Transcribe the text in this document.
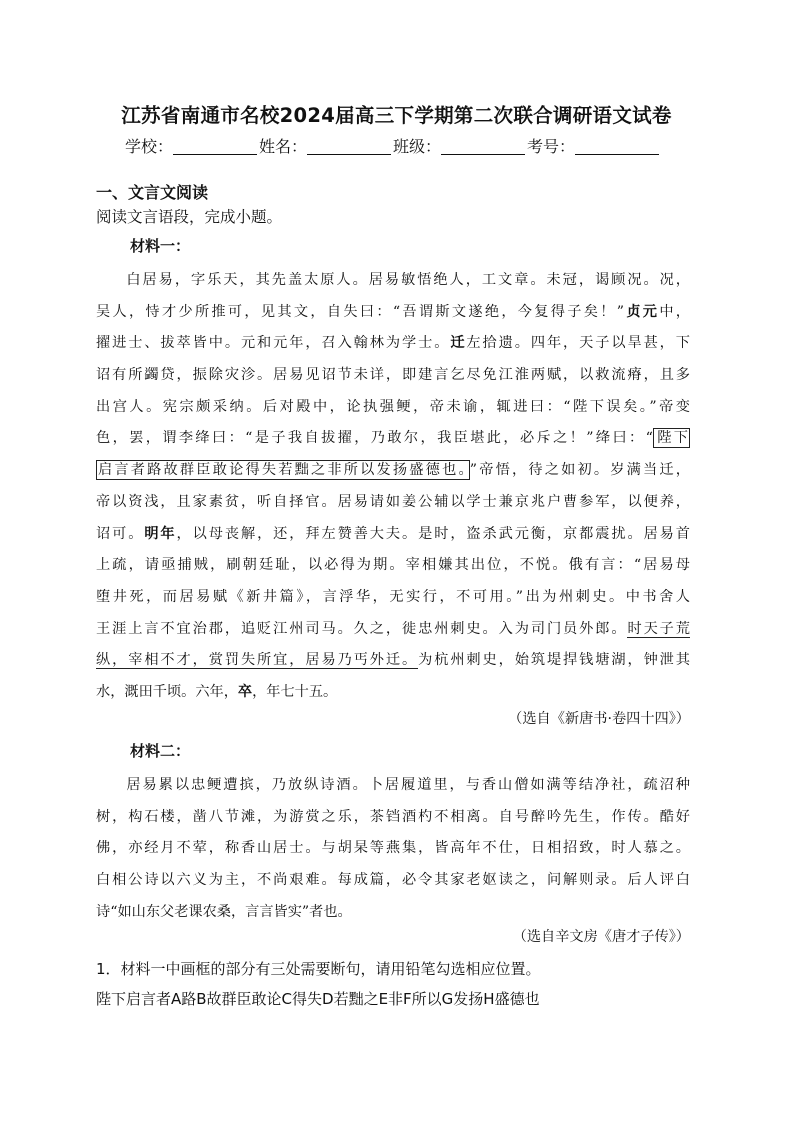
江苏省南通市名校2024届高三下学期第二次联合调研语文试卷
学校：	姓名：	班级：	考号：
一、文言文阅读
阅读文言语段，完成小题。
材料一：
  白居易，字乐天，其先盖太原人。居易敏悟绝人，工文章。未冠，谒顾况。况，
吴人，恃才少所推可，见其文，自失曰：“吾谓斯文遂绝，今复得子矣！”贞元中，
擢进士、拔萃皆中。元和元年，召入翰林为学士。迁左拾遗。四年，天子以旱甚，下
诏有所蠲贷，振除灾沴。居易见诏节未详，即建言乞尽免江淮两赋，以救流瘠，且多
出宫人。宪宗颇采纳。后对殿中，论执强鲠，帝未谕，辄进曰：“陛下误矣。”帝变
色，罢，谓李绛曰：“是子我自拔擢，乃敢尔，我臣堪此，必斥之！”绛曰：“ 陛下
启言者路故群臣敢论得失若黜之非所以发扬盛德也。 ”帝悟，待之如初。岁满当迁，
帝以资浅，且家素贫，听自择官。居易请如姜公辅以学士兼京兆户曹参军，以便养，
诏可。明年，以母丧解，还，拜左赞善大夫。是时，盗杀武元衡，京都震扰。居易首
上疏，请亟捕贼，刷朝廷耻，以必得为期。宰相嫌其出位，不悦。俄有言：“居易母
堕井死，而居易赋《新井篇》，言浮华，无实行，不可用。”出为州刺史。中书舍人
王涯上言不宜治郡，追贬江州司马。久之，徙忠州刺史。入为司门员外郎。时天子荒
纵，宰相不才，赏罚失所宜，居易乃丐外迁。为杭州刺史，始筑堤捍钱塘湖，钟泄其
水，溉田千顷。六年，卒，年七十五。
（选自《新唐书·卷四十四》）
材料二：
  居易累以忠鲠遭摈，乃放纵诗酒。卜居履道里，与香山僧如满等结净社，疏沼种
树，构石楼，凿八节滩，为游赏之乐，茶铛酒杓不相离。自号醉吟先生，作传。酷好
佛，亦经月不荤，称香山居士。与胡杲等燕集，皆高年不仕，日相招致，时人慕之。
白相公诗以六义为主，不尚艰难。每成篇，必令其家老妪读之，问解则录。后人评白
诗“如山东父老课农桑，言言皆实”者也。
（选自辛文房《唐才子传》）
1．材料一中画框的部分有三处需要断句，请用铅笔勾选相应位置。
陛下启言者A路B故群臣敢论C得失D若黜之E非F所以G发扬H盛德也
